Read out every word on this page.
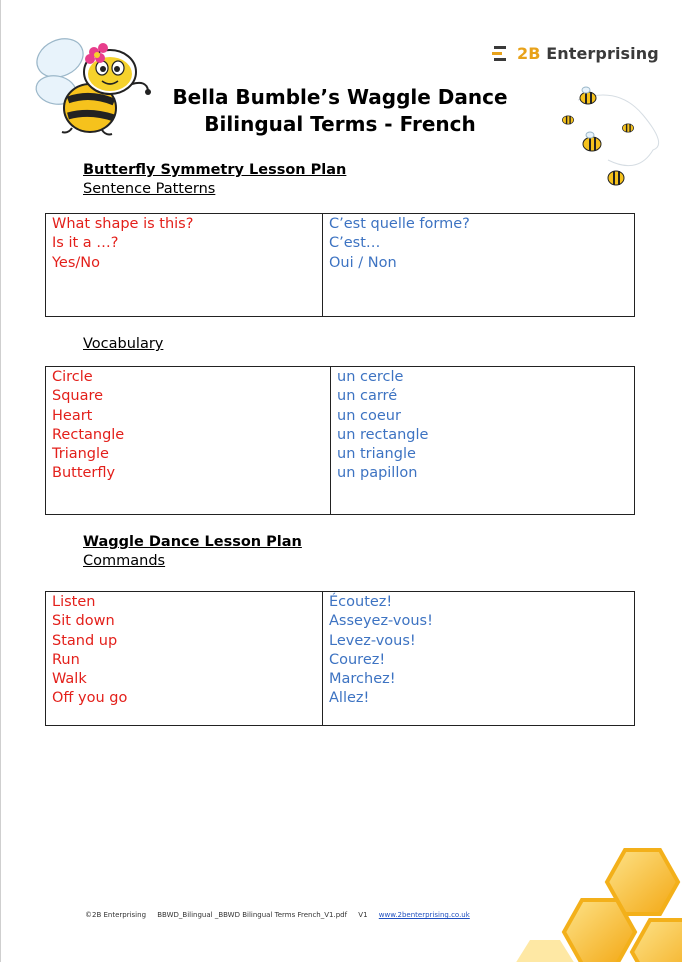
2B Enterprising
Bella Bumble’s Waggle Dance
Bilingual Terms - French
Butterfly Symmetry Lesson Plan
Sentence Patterns
What shape is this?
Is it a …?
Yes/No
C’est quelle forme?
C’est…
Oui / Non
Vocabulary
Circle
Square
Heart
Rectangle
Triangle
Butterfly
un cercle
un carré
un coeur
un rectangle
un triangle
un papillon
Waggle Dance Lesson Plan
Commands
Listen
Sit down
Stand up
Run
Walk
Off you go
Écoutez!
Asseyez-vous!
Levez-vous!
Courez!
Marchez!
Allez!
©2B Enterprising BBWD_Bilingual _BBWD Bilingual Terms French_V1.pdf V1 www.2benterprising.co.uk
